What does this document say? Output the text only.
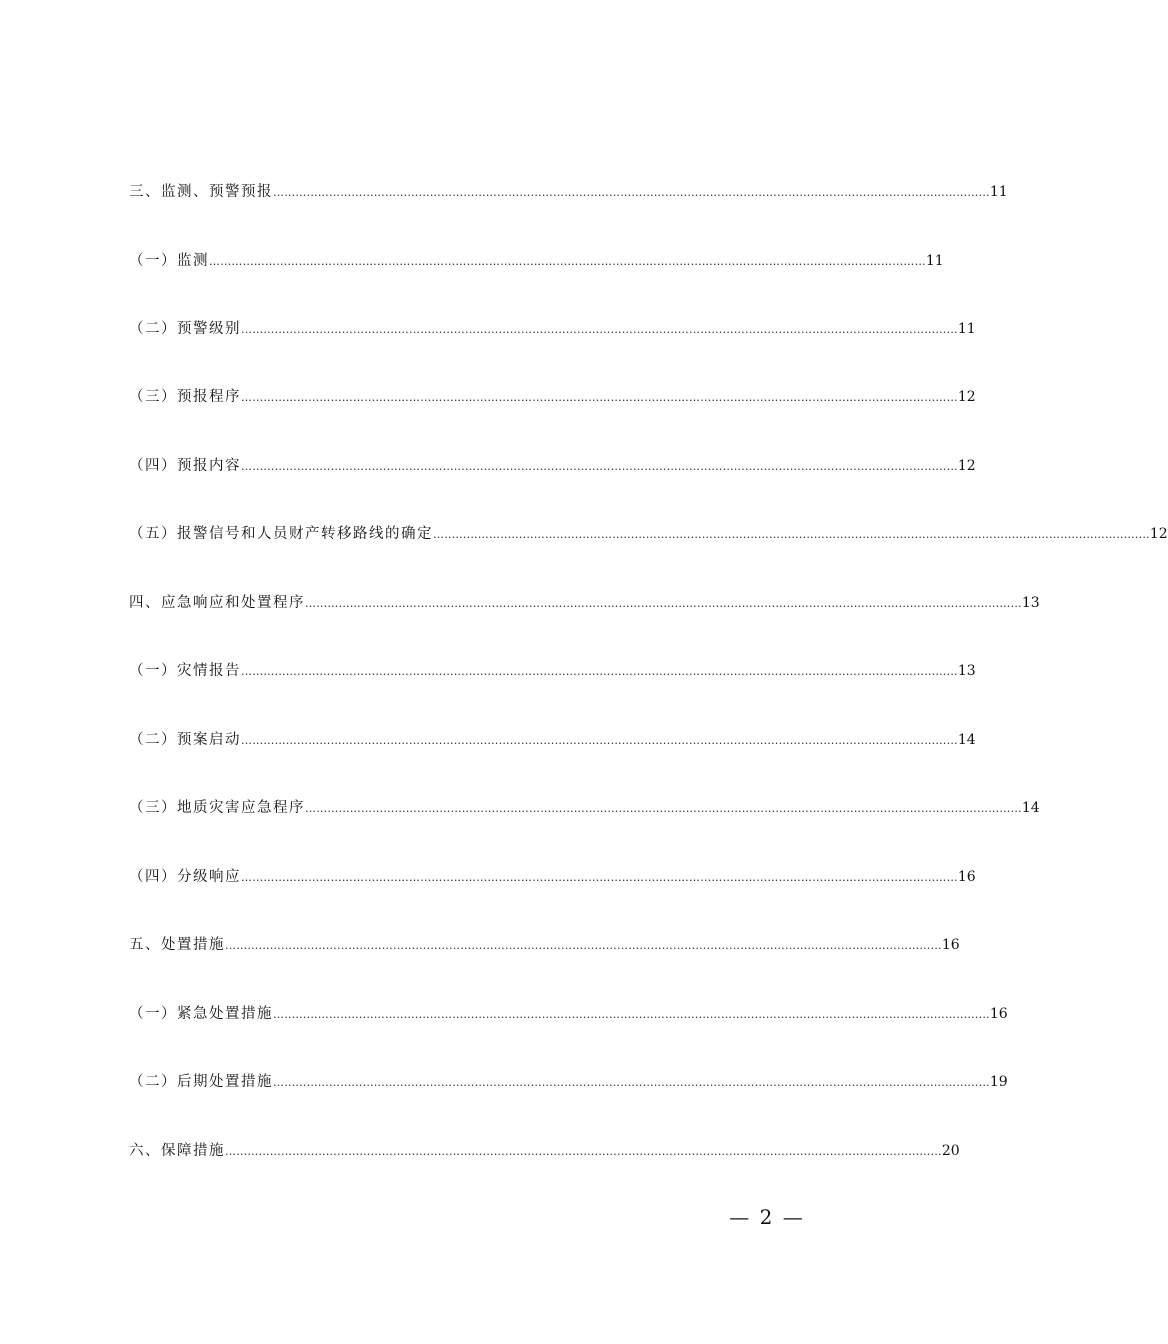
三、监测、预警预报 ………………………………………………………………………………………………………………………………………………………………………… 11
（一）监测 ………………………………………………………………………………………………………………………………………………………………………… 11
（二）预警级别 ………………………………………………………………………………………………………………………………………………………………………… 11
（三）预报程序 ………………………………………………………………………………………………………………………………………………………………………… 12
（四）预报内容 ………………………………………………………………………………………………………………………………………………………………………… 12
（五）报警信号和人员财产转移路线的确定 ………………………………………………………………………………………………………………………………………………………………………… 12
四、应急响应和处置程序 ………………………………………………………………………………………………………………………………………………………………………… 13
（一）灾情报告 ………………………………………………………………………………………………………………………………………………………………………… 13
（二）预案启动 ………………………………………………………………………………………………………………………………………………………………………… 14
（三）地质灾害应急程序 ………………………………………………………………………………………………………………………………………………………………………… 14
（四）分级响应 ………………………………………………………………………………………………………………………………………………………………………… 16
五、处置措施 ………………………………………………………………………………………………………………………………………………………………………… 16
（一）紧急处置措施 ………………………………………………………………………………………………………………………………………………………………………… 16
（二）后期处置措施 ………………………………………………………………………………………………………………………………………………………………………… 19
六、保障措施 ………………………………………………………………………………………………………………………………………………………………………… 20
— 2 —
